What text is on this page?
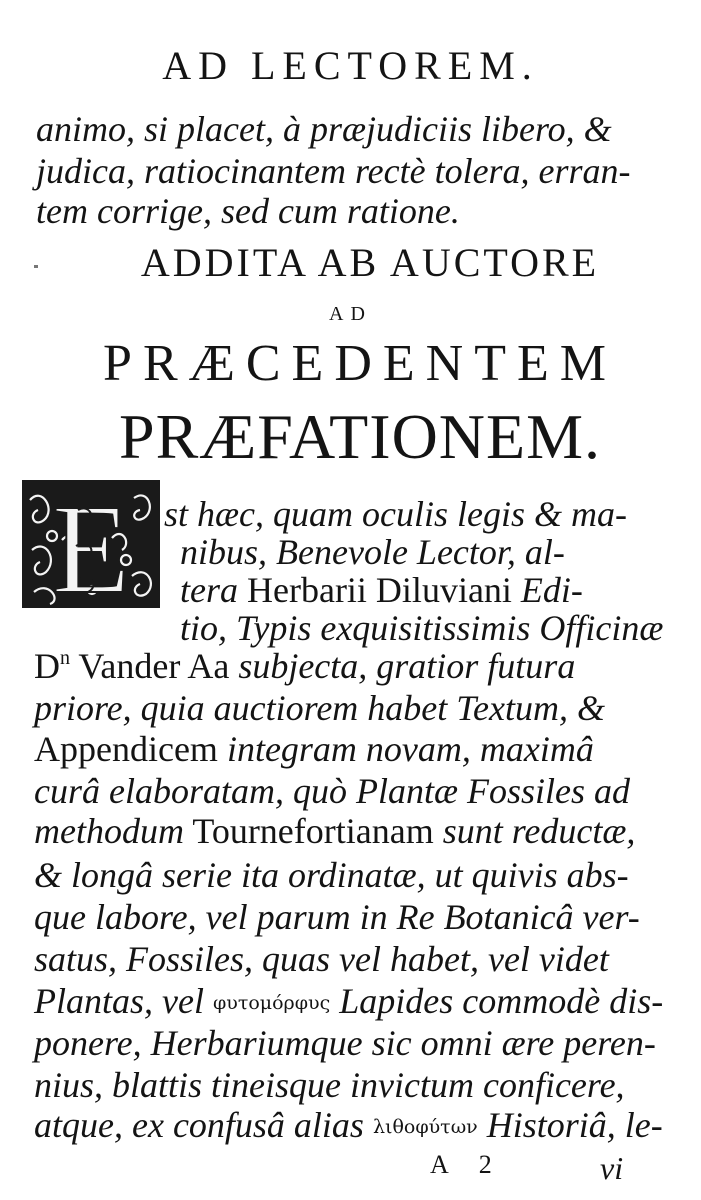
AD LECTOREM.
animo, si placet, à præjudiciis libero, &
judica, ratiocinantem rectè tolera, erran-
tem corrige, sed cum ratione.
ADDITA AB AUCTORE
AD
PRÆCEDENTEM
PRÆFATIONEM.
E st hæc, quam oculis legis & ma-
nibus, Benevole Lector, al-
tera Herbarii Diluviani Edi-
tio, Typis exquisitissimis Officinæ
$D^n$ Vander Aa subjecta, gratior futura
priore, quia auctiorem habet Textum, &
Appendicem integram novam, maximâ
curâ elaboratam, quò Plantæ Fossiles ad
methodum Tournefortianam sunt reductæ,
& longâ serie ita ordinatæ, ut quivis abs-
que labore, vel parum in Re Botanicâ ver-
satus, Fossiles, quas vel habet, vel videt
Plantas, vel φυτομόρφυς Lapides commodè dis-
ponere, Herbariumque sic omni ære peren-
nius, blattis tineisque invictum conficere,
atque, ex confusâ alias λιθοφύτων Historiâ, le-
A 2	vi
